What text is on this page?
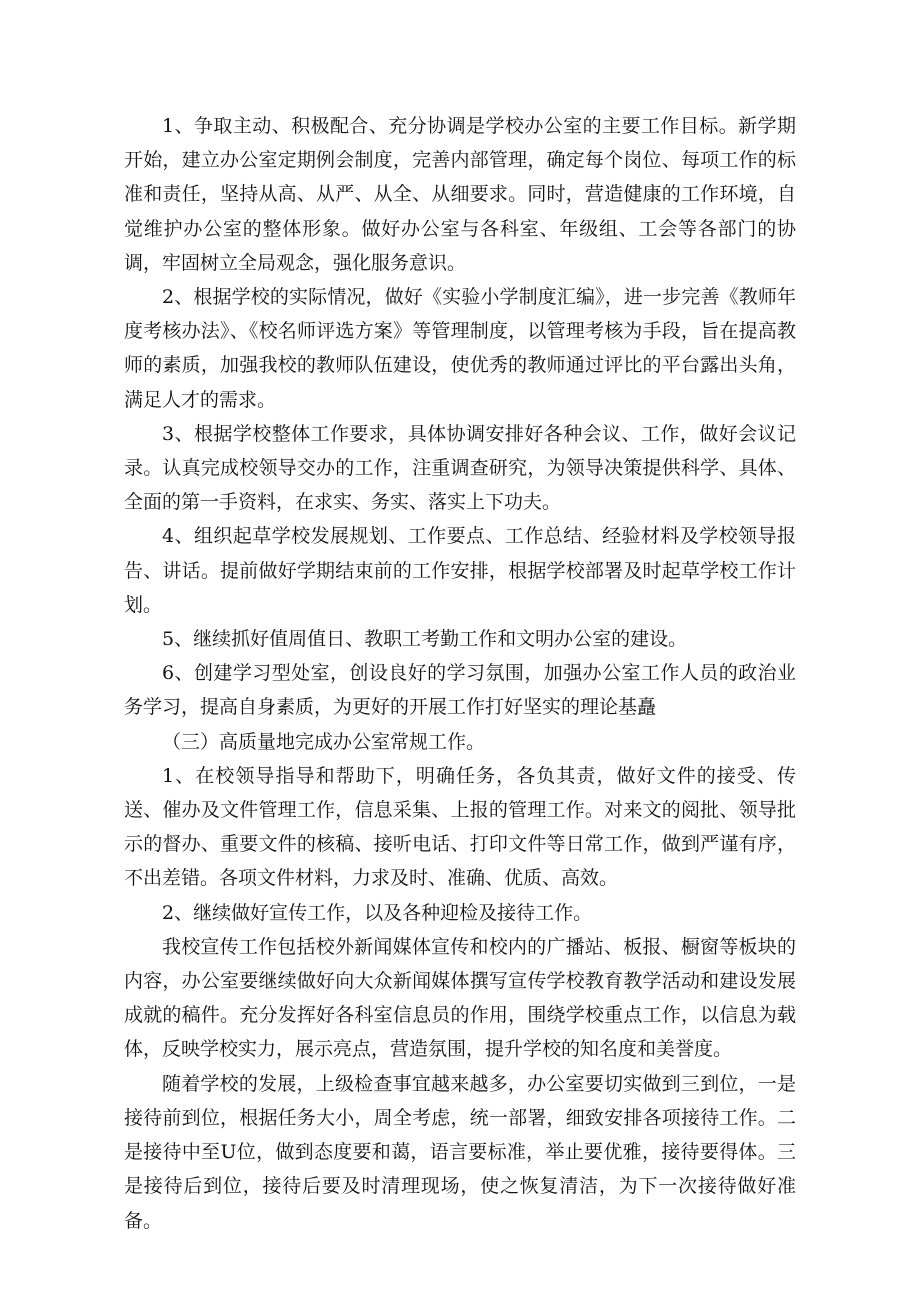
1、争取主动、积极配合、充分协调是学校办公室的主要工作目标。新学期开始，建立办公室定期例会制度，完善内部管理，确定每个岗位、每项工作的标准和责任，坚持从高、从严、从全、从细要求。同时，营造健康的工作环境，自觉维护办公室的整体形象。做好办公室与各科室、年级组、工会等各部门的协调，牢固树立全局观念，强化服务意识。

2、根据学校的实际情况，做好《实验小学制度汇编》，进一步完善《教师年度考核办法》、《校名师评选方案》等管理制度，以管理考核为手段，旨在提高教师的素质，加强我校的教师队伍建设，使优秀的教师通过评比的平台露出头角，满足人才的需求。

3、根据学校整体工作要求，具体协调安排好各种会议、工作，做好会议记录。认真完成校领导交办的工作，注重调查研究，为领导决策提供科学、具体、全面的第一手资料，在求实、务实、落实上下功夫。

4、组织起草学校发展规划、工作要点、工作总结、经验材料及学校领导报告、讲话。提前做好学期结束前的工作安排，根据学校部署及时起草学校工作计划。

5、继续抓好值周值日、教职工考勤工作和文明办公室的建设。

6、创建学习型处室，创设良好的学习氛围，加强办公室工作人员的政治业务学习，提高自身素质，为更好的开展工作打好坚实的理论基矗

（三）高质量地完成办公室常规工作。

1、在校领导指导和帮助下，明确任务，各负其责，做好文件的接受、传送、催办及文件管理工作，信息采集、上报的管理工作。对来文的阅批、领导批示的督办、重要文件的核稿、接听电话、打印文件等日常工作，做到严谨有序，不出差错。各项文件材料，力求及时、准确、优质、高效。

2、继续做好宣传工作，以及各种迎检及接待工作。

我校宣传工作包括校外新闻媒体宣传和校内的广播站、板报、橱窗等板块的内容，办公室要继续做好向大众新闻媒体撰写宣传学校教育教学活动和建设发展成就的稿件。充分发挥好各科室信息员的作用，围绕学校重点工作，以信息为载体，反映学校实力，展示亮点，营造氛围，提升学校的知名度和美誉度。

随着学校的发展，上级检查事宜越来越多，办公室要切实做到三到位，一是接待前到位，根据任务大小，周全考虑，统一部署，细致安排各项接待工作。二是接待中至U位，做到态度要和蔼，语言要标准，举止要优雅，接待要得体。三是接待后到位，接待后要及时清理现场，使之恢复清洁，为下一次接待做好准备。
